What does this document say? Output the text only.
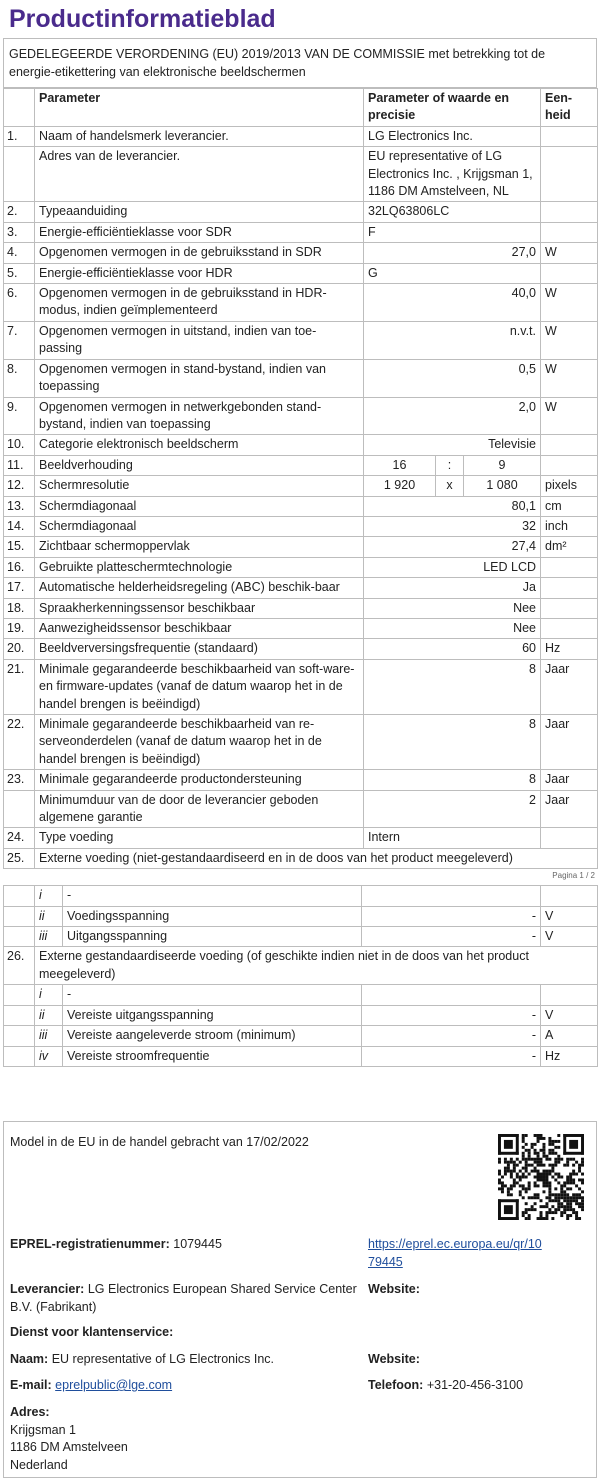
Productinformatieblad
GEDELEGEERDE VERORDENING (EU) 2019/2013 VAN DE COMMISSIE met betrekking tot de energie-etikettering van elektronische beeldschermen
	Parameter	Parameter of waarde en precisie			Een-heid
1.	Naam of handelsmerk leverancier.	LG Electronics Inc.			
	Adres van de leverancier.	EU representative of LG Electronics Inc. , Krijgsman 1, 1186 DM Amstelveen, NL			
2.	Typeaanduiding	32LQ63806LC			
3.	Energie-efficiëntieklasse voor SDR	F			
4.	Opgenomen vermogen in de gebruiksstand in SDR	27,0			W
5.	Energie-efficiëntieklasse voor HDR	G			
6.	Opgenomen vermogen in de gebruiksstand in HDR-modus, indien geïmplementeerd	40,0			W
7.	Opgenomen vermogen in uitstand, indien van toe-passing	n.v.t.			W
8.	Opgenomen vermogen in stand-bystand, indien van toepassing	0,5			W
9.	Opgenomen vermogen in netwerkgebonden stand-bystand, indien van toepassing	2,0			W
10.	Categorie elektronisch beeldscherm	Televisie			
11.	Beeldverhouding	16	:	9	
12.	Schermresolutie	1 920	x	1 080	pixels
13.	Schermdiagonaal	80,1			cm
14.	Schermdiagonaal	32			inch
15.	Zichtbaar schermoppervlak	27,4			dm²
16.	Gebruikte platteschermtechnologie	LED LCD			
17.	Automatische helderheidsregeling (ABC) beschik-baar	Ja			
18.	Spraakherkenningssensor beschikbaar	Nee			
19.	Aanwezigheidssensor beschikbaar	Nee			
20.	Beeldverversingsfrequentie (standaard)	60			Hz
21.	Minimale gegarandeerde beschikbaarheid van soft-ware- en firmware-updates (vanaf de datum waarop het in de handel brengen is beëindigd)	8			Jaar
22.	Minimale gegarandeerde beschikbaarheid van re-serveonderdelen (vanaf de datum waarop het in de handel brengen is beëindigd)	8			Jaar
23.	Minimale gegarandeerde productondersteuning	8			Jaar
	Minimumduur van de door de leverancier geboden algemene garantie	2			Jaar
24.	Type voeding	Intern			
25.	Externe voeding (niet-gestandaardiseerd en in de doos van het product meegeleverd)				
Pagina 1 / 2
	i	-		
	ii	Voedingsspanning	-	V
	iii	Uitgangsspanning	-	V
26.	Externe gestandaardiseerde voeding (of geschikte indien niet in de doos van het product meegeleverd)			
	i	-		
	ii	Vereiste uitgangsspanning	-	V
	iii	Vereiste aangeleverde stroom (minimum)	-	A
	iv	Vereiste stroomfrequentie	-	Hz
Model in de EU in de handel gebracht van 17/02/2022
EPREL-registratienummer: 1079445	https://eprel.ec.europa.eu/qr/1079445
Leverancier: LG Electronics European Shared Service Center B.V. (Fabrikant)
Website:
Dienst voor klantenservice:
Naam: EU representative of LG Electronics Inc.	Website:
E-mail: eprelpublic@lge.com	Telefoon: +31-20-456-3100
Adres:
Krijgsman 1
1186 DM Amstelveen
Nederland
